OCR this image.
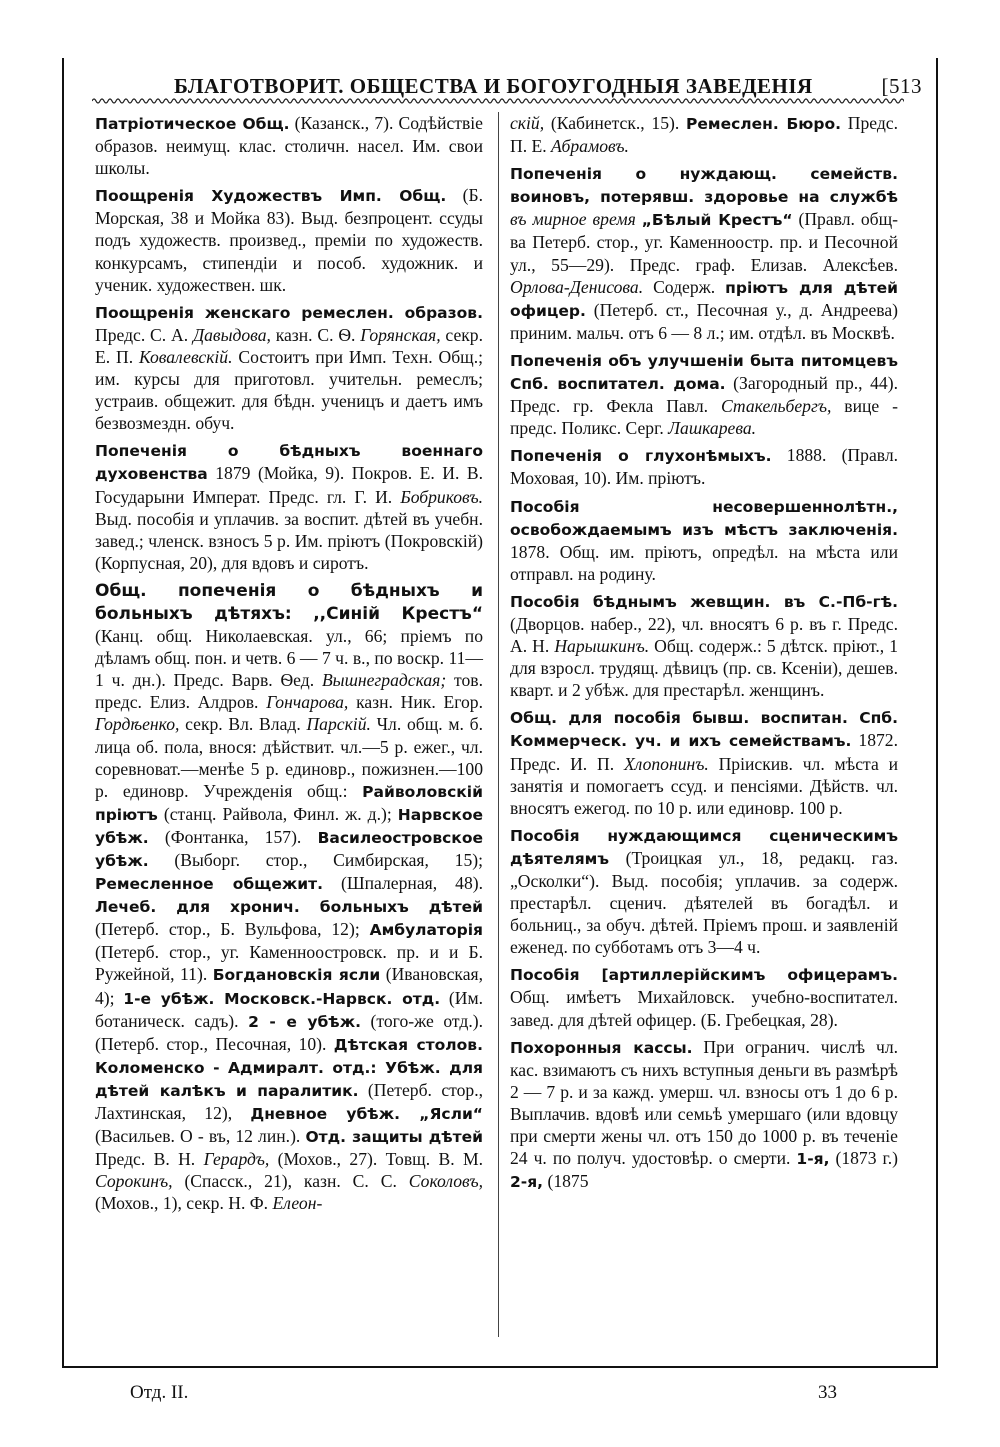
БЛАГОТВОРИТ. ОБЩЕСТВА И БОГОУГОДНЫЯ ЗАВЕДЕНІЯ	[513

Патріотическое Общ. (Казанск., 7). Содѣйствіе образов. неимущ. клас. столичн. насел. Им. свои школы.

Поощренія Художествъ Имп. Общ. (Б. Морская, 38 и Мойка 83). Выд. безпроцент. ссуды подъ художеств. произвед., преміи по художеств. конкурсамъ, стипендіи и пособ. художник. и ученик. художествен. шк.

Поощренія женскаго ремеслен. образов. Предс. С. А. Давыдова, казн. С. Ѳ. Горянская, секр. Е. П. Ковалевскій. Состоитъ при Имп. Техн. Общ.; им. курсы для приготовл. учительн. ремеслъ; устраив. общежит. для бѣдн. ученицъ и даетъ имъ безвозмездн. обуч.

Попеченія о бѣдныхъ военнаго духовенства 1879 (Мойка, 9). Покров. Е. И. В. Государыни Императ. Предс. гл. Г. И. Бобриковъ. Выд. пособія и уплачив. за воспит. дѣтей въ учебн. завед.; членск. взносъ 5 р. Им. пріютъ (Покровскій) (Корпусная, 20), для вдовъ и сиротъ.

Общ. попеченія о бѣдныхъ и больныхъ дѣтяхъ: ,,Синій Крестъ“ (Канц. общ. Николаевская. ул., 66; пріемъ по дѣламъ общ. пон. и четв. 6 — 7 ч. в., по воскр. 11—1 ч. дн.). Предс. Варв. Ѳед. Вышнеградская; тов. предс. Елиз. Алдров. Гончарова, казн. Ник. Егор. Гордѣенко, секр. Вл. Влад. Парскій. Чл. общ. м. б. лица об. пола, внося: дѣйствит. чл.—5 р. ежег., чл. соревноват.—менѣе 5 р. единовр., пожизнен.—100 р. единовр. Учрежденія общ.: Райволовскій пріютъ (станц. Райвола, Финл. ж. д.); Нарвское убѣж. (Фонтанка, 157). Василеостровское убѣж. (Выборг. стор., Симбирская, 15); Ремесленное общежит. (Шпалерная, 48). Лечеб. для хронич. больныхъ дѣтей (Петерб. стор., Б. Вульфова, 12); Амбулаторія (Петерб. стор., уг. Каменноостровск. пр. и и Б. Ружейной, 11). Богдановскія ясли (Ивановская, 4); 1-е убѣж. Московск.-Нарвск. отд. (Им. ботаническ. садъ). 2 - е убѣж. (того-же отд.). (Петерб. стор., Песочная, 10). Дѣтская столов. Коломенско - Адмиралт. отд.: Убѣж. для дѣтей калѣкъ и паралитик. (Петерб. стор., Лахтинская, 12), Дневное убѣж. „Ясли“ (Васильев. О - въ, 12 лин.). Отд. защиты дѣтей Предс. В. Н. Герардъ, (Мохов., 27). Товщ. В. М. Сорокинъ, (Спасск., 21), казн. С. С. Соколовъ, (Мохов., 1), секр. Н. Ф. Елеон-

скій, (Кабинетск., 15). Ремеслен. Бюро. Предс. П. Е. Абрамовъ.

Попеченія о нуждающ. семейств. воиновъ, потерявш. здоровье на службѣ въ мирное время „Бѣлый Крестъ“ (Правл. общ-ва Петерб. стор., уг. Каменноостр. пр. и Песочной ул., 55—29). Предс. граф. Елизав. Алексѣев. Орлова-Денисова. Содерж. пріютъ для дѣтей офицер. (Петерб. ст., Песочная у., д. Андреева) приним. мальч. отъ 6 — 8 л.; им. отдѣл. въ Москвѣ.

Попеченія объ улучшеніи быта питомцевъ Спб. воспитател. дома. (Загородный пр., 44). Предс. гр. Фекла Павл. Стакельбергъ, вице - предс. Поликс. Серг. Лашкарева.

Попеченія о глухонѣмыхъ. 1888. (Правл. Моховая, 10). Им. пріютъ.

Пособія несовершеннолѣтн., освобождаемымъ изъ мѣстъ заключенія. 1878. Общ. им. пріютъ, опредѣл. на мѣста или отправл. на родину.

Пособія бѣднымъ жевщин. въ С.-Пб-гѣ. (Дворцов. набер., 22), чл. вносятъ 6 р. въ г. Предс. А. Н. Нарышкинъ. Общ. содерж.: 5 дѣтск. пріют., 1 для взросл. трудящ. дѣвицъ (пр. св. Ксеніи), дешев. кварт. и 2 убѣж. для престарѣл. женщинъ.

Общ. для пособія бывш. воспитан. Спб. Коммерческ. уч. и ихъ семействамъ. 1872. Предс. И. П. Хлопонинъ. Пріискив. чл. мѣста и занятія и помогаетъ ссуд. и пенсіями. Дѣйств. чл. вносятъ ежегод. по 10 р. или единовр. 100 р.

Пособія нуждающимся сценическимъ дѣятелямъ (Троицкая ул., 18, редакц. газ. „Осколки“). Выд. пособія; уплачив. за содерж. престарѣл. сценич. дѣятелей въ богадѣл. и больниц., за обуч. дѣтей. Пріемъ прош. и заявленій еженед. по субботамъ отъ 3—4 ч.

Пособія [артиллерійскимъ офицерамъ. Общ. имѣетъ Михайловск. учебно-воспитател. завед. для дѣтей офицер. (Б. Гребецкая, 28).

Похоронныя кассы. При огранич. числѣ чл. кас. взимаютъ съ нихъ вступныя деньги въ размѣрѣ 2 — 7 р. и за кажд. умерш. чл. взносы отъ 1 до 6 р. Выплачив. вдовѣ или семьѣ умершаго (или вдовцу при смерти жены чл. отъ 150 до 1000 р. въ теченіе 24 ч. по получ. удостовѣр. о смерти. 1-я, (1873 г.) 2-я, (1875

Отд. II.	33
